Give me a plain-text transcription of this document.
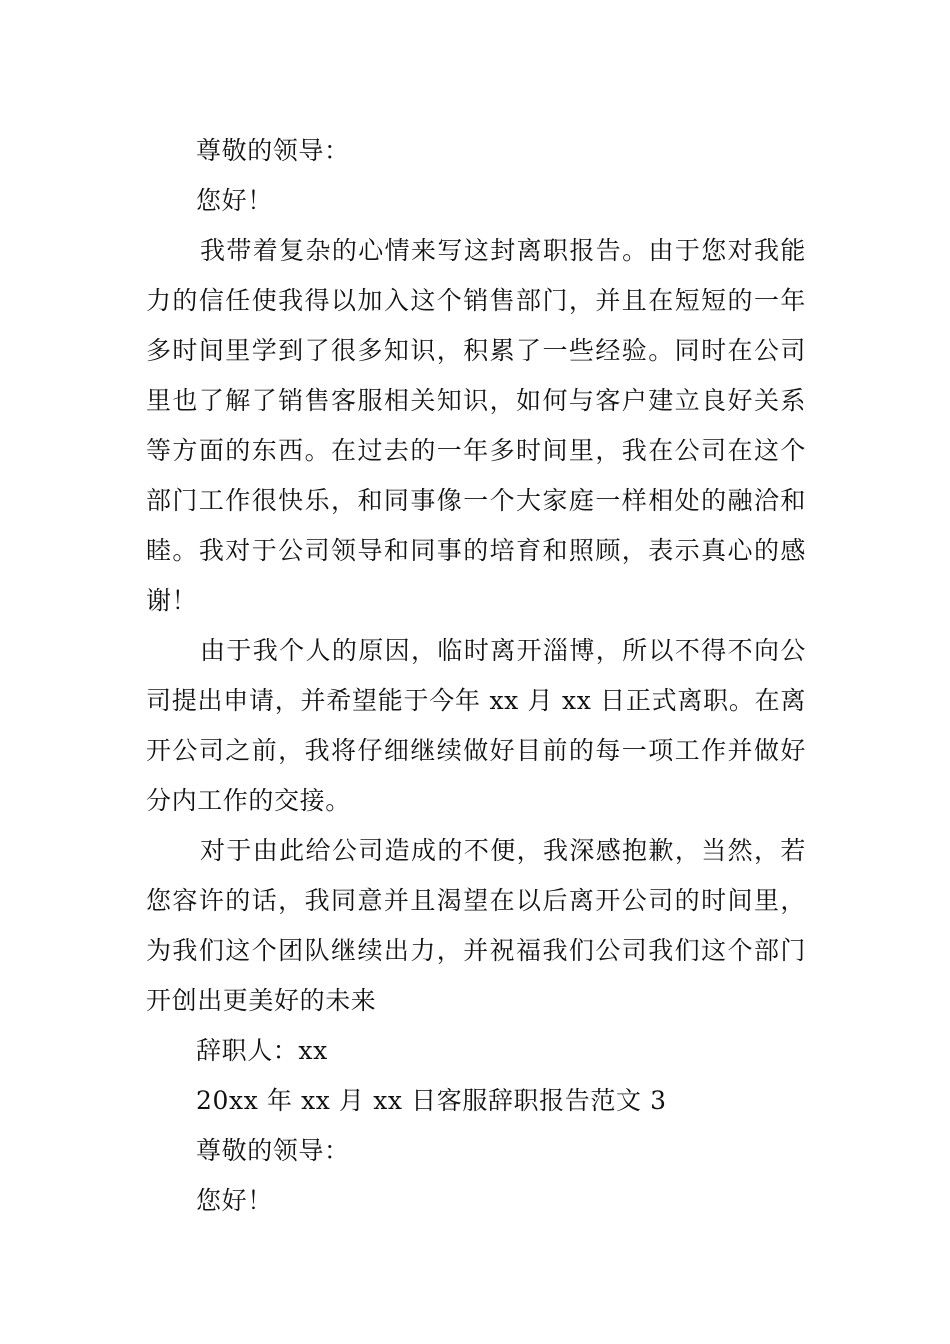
尊敬的领导：

您好！

我带着复杂的心情来写这封离职报告。由于您对我能力的信任使我得以加入这个销售部门，并且在短短的一年多时间里学到了很多知识，积累了一些经验。同时在公司里也了解了销售客服相关知识，如何与客户建立良好关系等方面的东西。在过去的一年多时间里，我在公司在这个部门工作很快乐，和同事像一个大家庭一样相处的融洽和睦。我对于公司领导和同事的培育和照顾，表示真心的感谢！

由于我个人的原因，临时离开淄博，所以不得不向公司提出申请，并希望能于今年 xx 月 xx 日正式离职。在离开公司之前，我将仔细继续做好目前的每一项工作并做好分内工作的交接。

对于由此给公司造成的不便，我深感抱歉，当然，若您容许的话，我同意并且渴望在以后离开公司的时间里，为我们这个团队继续出力，并祝福我们公司我们这个部门开创出更美好的未来

辞职人：xx

20xx 年 xx 月 xx 日客服辞职报告范文 3

尊敬的领导：

您好！
